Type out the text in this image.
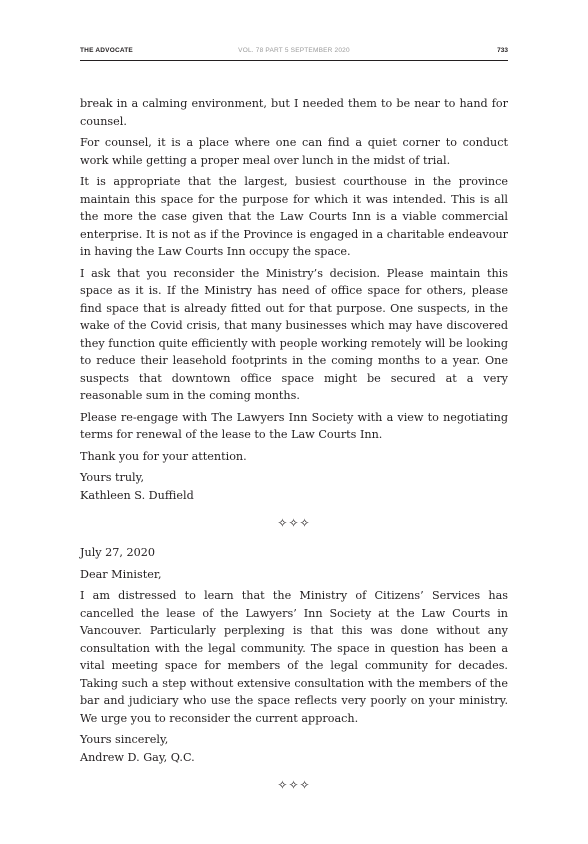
THE ADVOCATE	VOL. 78 PART 5 SEPTEMBER 2020	733

break in a calming environment, but I needed them to be near to hand for counsel.

For counsel, it is a place where one can find a quiet corner to conduct work while getting a proper meal over lunch in the midst of trial.

It is appropriate that the largest, busiest courthouse in the province maintain this space for the purpose for which it was intended. This is all the more the case given that the Law Courts Inn is a viable commercial enterprise. It is not as if the Province is engaged in a charitable endeavour in having the Law Courts Inn occupy the space.

I ask that you reconsider the Ministry’s decision. Please maintain this space as it is. If the Ministry has need of office space for others, please find space that is already fitted out for that purpose. One suspects, in the wake of the Covid crisis, that many businesses which may have discovered they function quite efficiently with people working remotely will be looking to reduce their leasehold footprints in the coming months to a year. One suspects that downtown office space might be secured at a very reasonable sum in the coming months.

Please re-engage with The Lawyers Inn Society with a view to negotiating terms for renewal of the lease to the Law Courts Inn.

Thank you for your attention.

Yours truly,

Kathleen S. Duffield

✧✧✧

July 27, 2020

Dear Minister,

I am distressed to learn that the Ministry of Citizens’ Services has cancelled the lease of the Lawyers’ Inn Society at the Law Courts in Vancouver. Particularly perplexing is that this was done without any consultation with the legal community. The space in question has been a vital meeting space for members of the legal community for decades. Taking such a step without extensive consultation with the members of the bar and judiciary who use the space reflects very poorly on your ministry. We urge you to reconsider the current approach.

Yours sincerely,

Andrew D. Gay, Q.C.

✧✧✧
